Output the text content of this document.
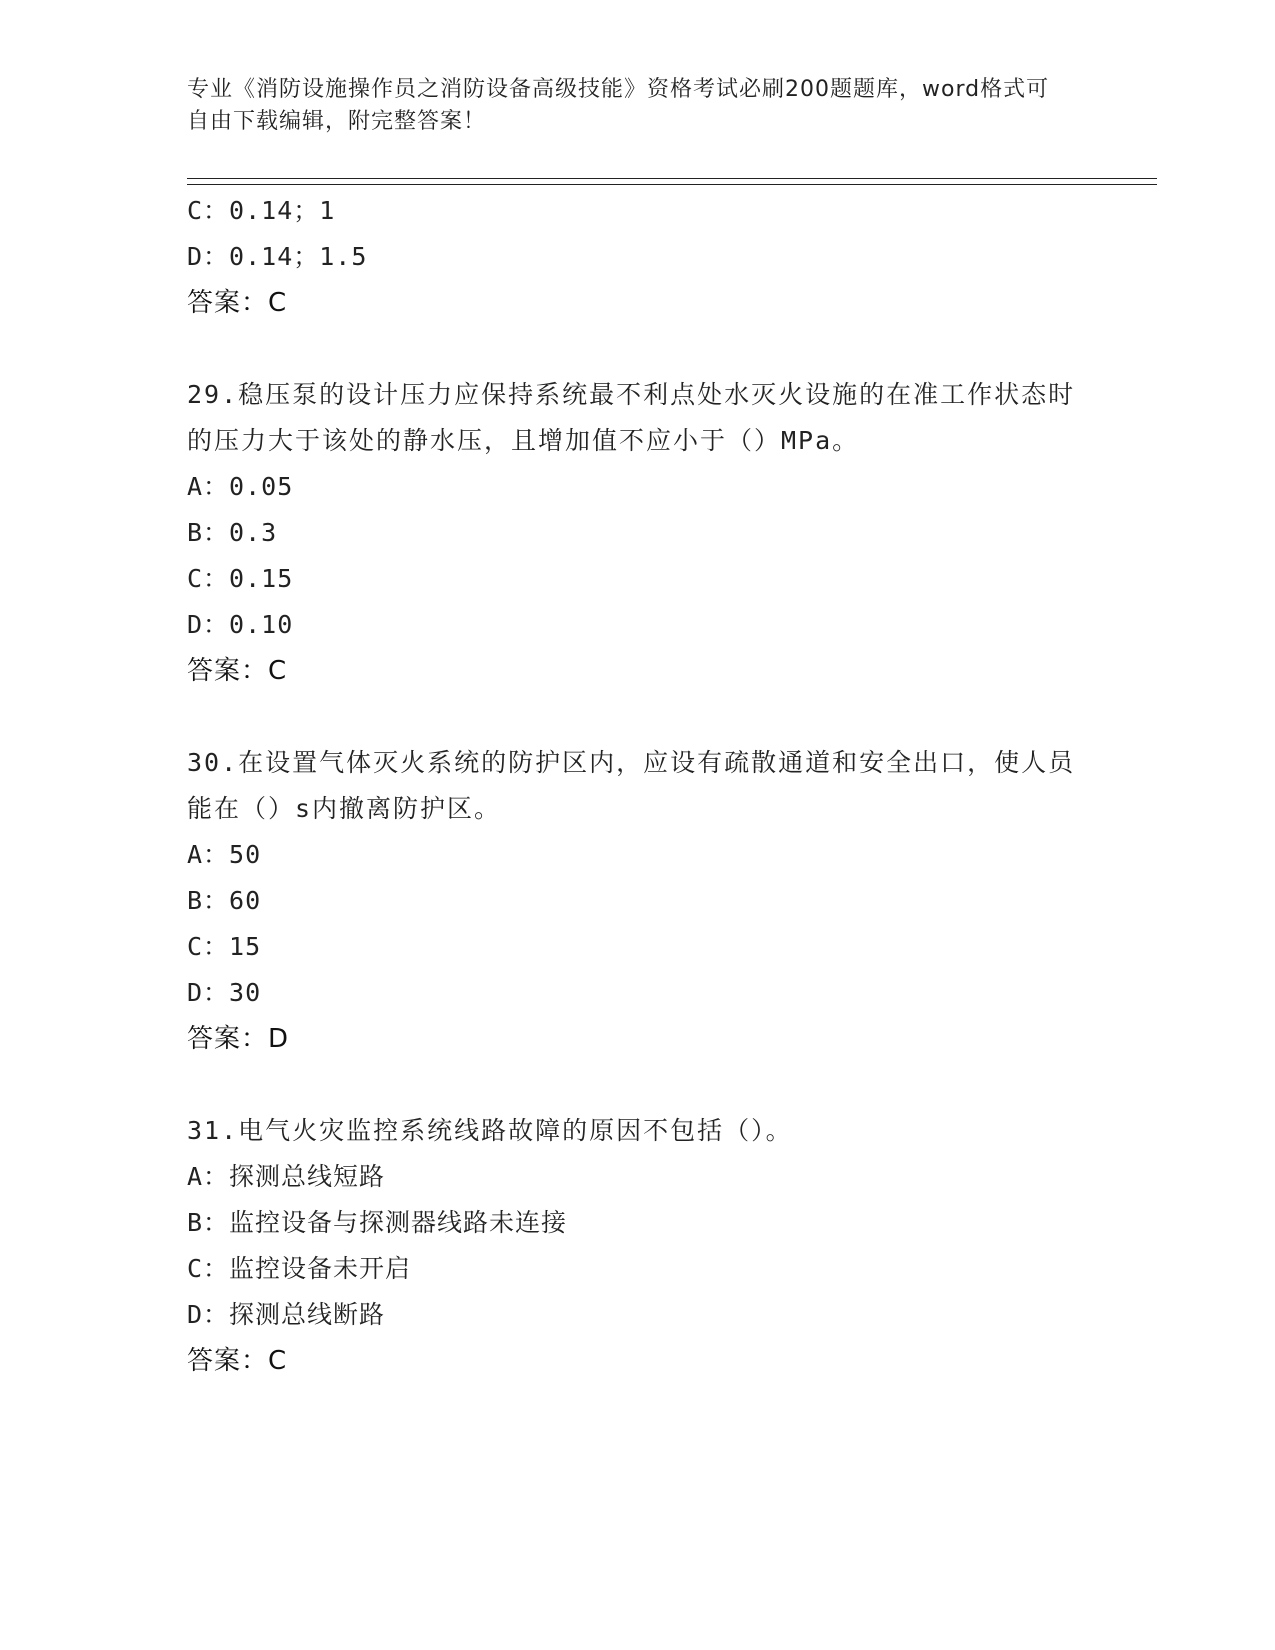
专业《消防设施操作员之消防设备高级技能》资格考试必刷200题题库，word格式可自由下载编辑，附完整答案！
C：0.14；1
D：0.14；1.5
答案：C
29.稳压泵的设计压力应保持系统最不利点处水灭火设施的在准工作状态时的压力大于该处的静水压，且增加值不应小于（）MPa。
A：0.05
B：0.3
C：0.15
D：0.10
答案：C
30.在设置气体灭火系统的防护区内，应设有疏散通道和安全出口，使人员能在（）s内撤离防护区。
A：50
B：60
C：15
D：30
答案：D
31.电气火灾监控系统线路故障的原因不包括（）。
A：探测总线短路
B：监控设备与探测器线路未连接
C：监控设备未开启
D：探测总线断路
答案：C
